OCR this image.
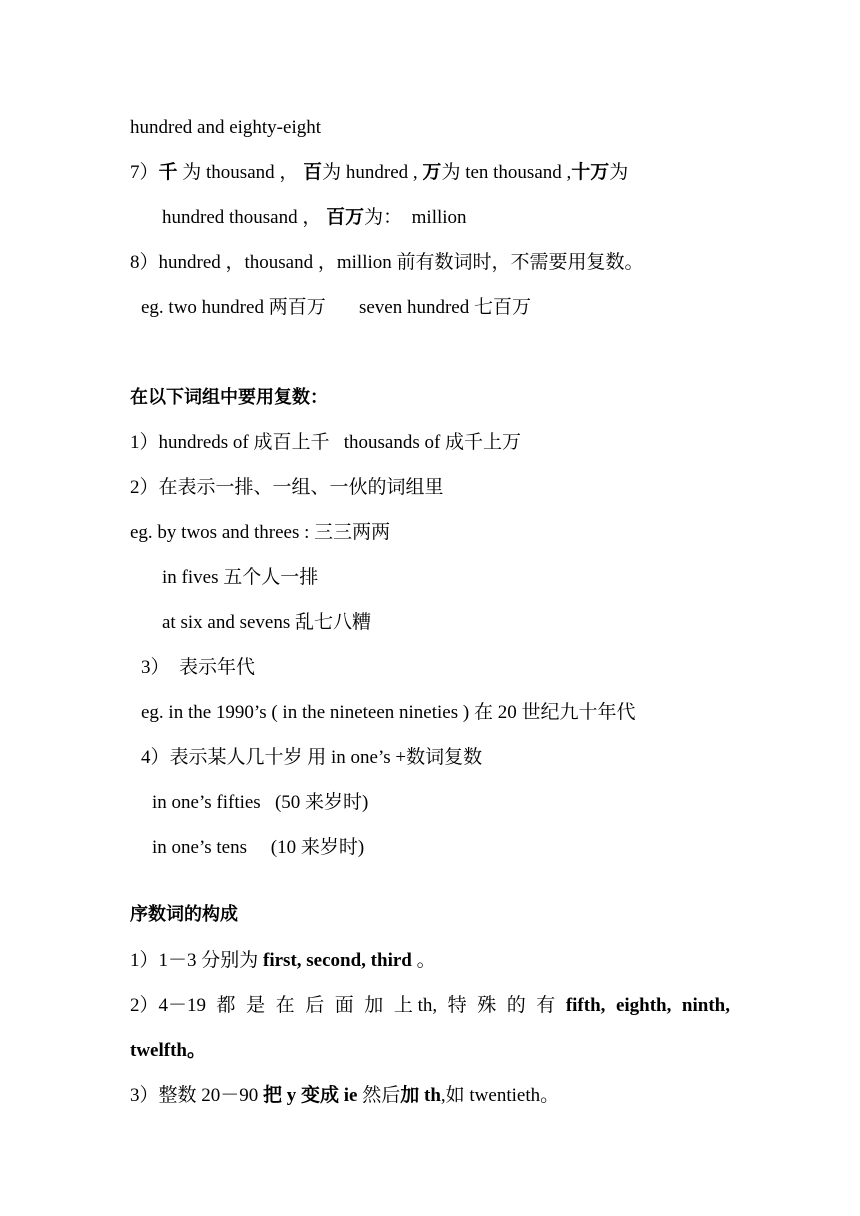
hundred and eighty-eight
7）千 为 thousand ， 百为 hundred , 万为 ten thousand ,十万为
hundred thousand ， 百万为：  million
8）hundred ，thousand ，million 前有数词时，不需要用复数。
eg. two hundred 两百万       seven hundred 七百万
在以下词组中要用复数：
1）hundreds of 成百上千   thousands of 成千上万
2）在表示一排、一组、一伙的词组里
eg. by twos and threes : 三三两两
in fives 五个人一排
at six and sevens 乱七八糟
3）  表示年代
eg. in the 1990’s ( in the nineteen nineties ) 在 20 世纪九十年代
4）表示某人几十岁 用 in one’s +数词复数
in one’s fifties   (50 来岁时)
in one’s tens     (10 来岁时)
序数词的构成
1）1－3 分别为 first, second, third 。
2）4－19 都 是 在 后 面 加 上 th, 特 殊 的 有 fifth, eighth, ninth,
twelfth。
3）整数 20－90 把 y 变成 ie 然后加 th,如 twentieth。
